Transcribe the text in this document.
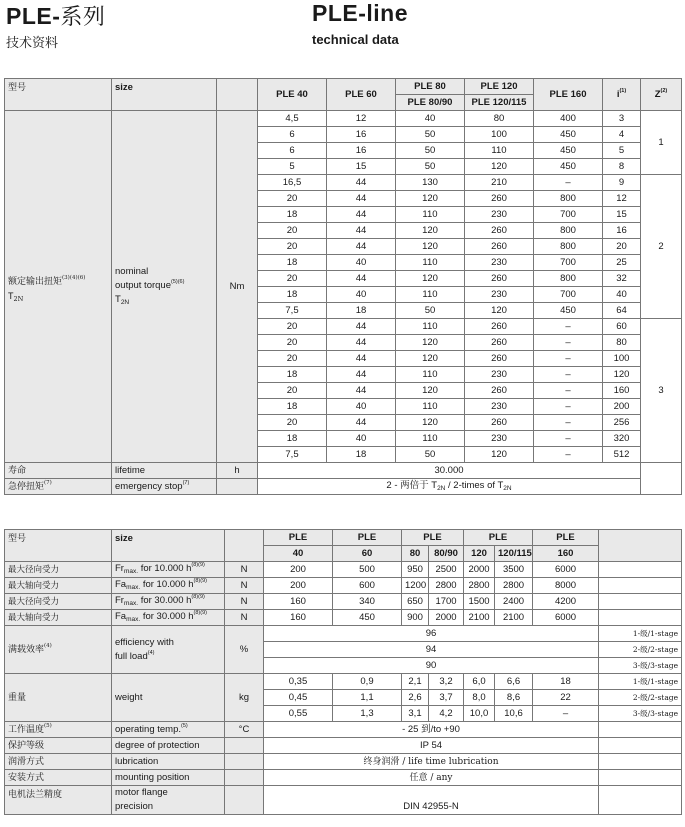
PLE-系列
技术资料
PLE-line
technical data
型号	size		PLE 40	PLE 60	PLE 80	PLE 120	PLE 160	$i^{(1)}$	$Z^{(2)}$
					PLE 80/90	PLE 120/115			
额定输出扭矩$^{(3)(4)(6)}$
$T_{2N}$	nominal
output torque$^{(5)(6)}$
$T_{2N}$	Nm	4,5	12	40	80	400	3	1
			6	16	50	100	450	4	
			6	16	50	110	450	5	
			5	15	50	120	450	8	
			16,5	44	130	210	–	9	2
			20	44	120	260	800	12	
			18	44	110	230	700	15	
			20	44	120	260	800	16	
			20	44	120	260	800	20	
			18	40	110	230	700	25	
			20	44	120	260	800	32	
			18	40	110	230	700	40	
			7,5	18	50	120	450	64	
			20	44	110	260	–	60	3
			20	44	120	260	–	80	
			20	44	120	260	–	100	
			18	44	110	230	–	120	
			20	44	120	260	–	160	
			18	40	110	230	–	200	
			20	44	120	260	–	256	
			18	40	110	230	–	320	
			7,5	18	50	120	–	512	
寿命	lifetime	h	30.000						
急停扭矩$^{(7)}$	emergency stop$^{(7)}$		2 - 两倍于 $T_{2N}$ / 2-times of $T_{2N}$
型号	size		PLE	PLE	PLE		PLE		PLE	
			40	60	80	80/90	120	120/115	160	
最大径向受力	$Fr_{max.}$ for 10.000 $h^{(8)(9)}$	N	200	500	950	2500	2000	3500	6000	
最大轴向受力	$Fa_{max.}$ for 10.000 $h^{(8)(9)}$	N	200	600	1200	2800	2800	2800	8000	
最大径向受力	$Fr_{max.}$ for 30.000 $h^{(8)(9)}$	N	160	340	650	1700	1500	2400	4200	
最大轴向受力	$Fa_{max.}$ for 30.000 $h^{(8)(9)}$	N	160	450	900	2000	2100	2100	6000	
满载效率$^{(4)}$	efficiency with
full load$^{(4)}$	%	96							1-级/1-stage
			94							2-级/2-stage
			90							3-级/3-stage
重量	weight	kg	0,35	0,9	2,1	3,2	6,0	6,6	18	1-级/1-stage
			0,45	1,1	2,6	3,7	8,0	8,6	22	2-级/2-stage
			0,55	1,3	3,1	4,2	10,0	10,6	–	3-级/3-stage
工作温度$^{(5)}$	operating temp.$^{(5)}$	°C	- 25 到/to +90							
保护等级	degree of protection		IP 54							
润滑方式	lubrication		终身润滑 / life time lubrication							
安装方式	mounting position		任意 / any							
电机法兰精度	motor flange
precision		DIN 42955-N							
